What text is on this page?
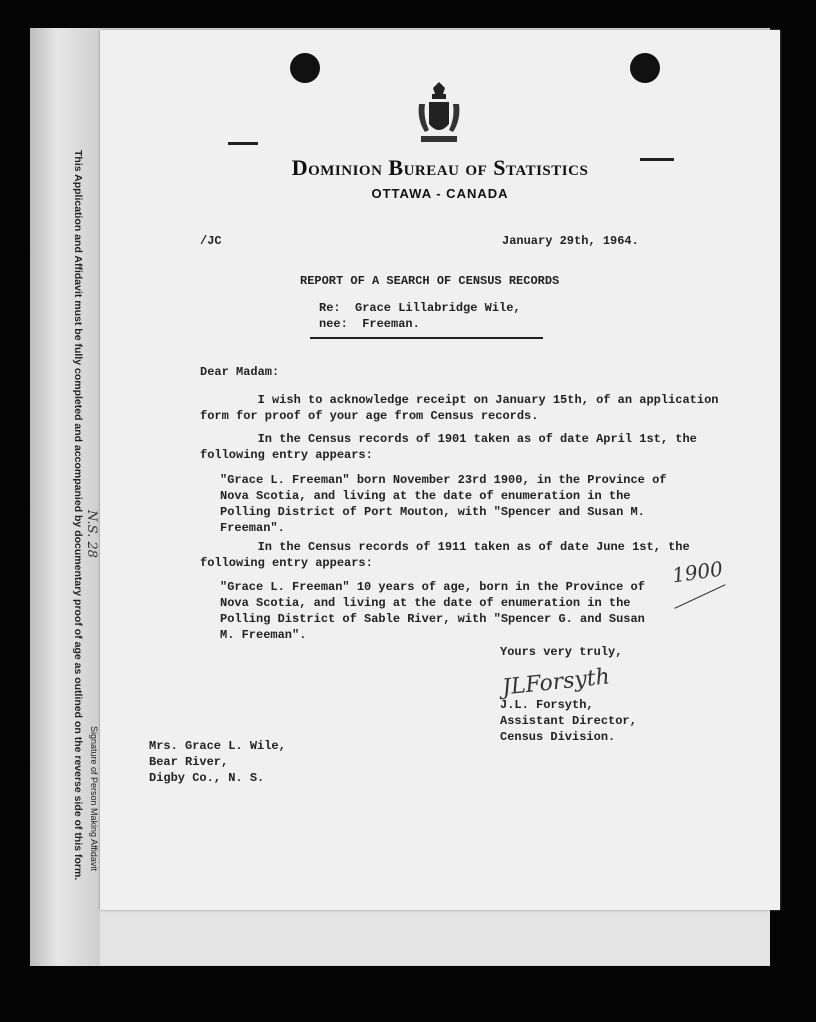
This Application and Affidavit must be fully completed and accompanied by documentary proof of age as outlined on the reverse side of this form. Signature of Person Making Affidavit
N.S. 28
Dominion Bureau of Statistics
OTTAWA - CANADA
/JC	January 29th, 1964.
REPORT OF A SEARCH OF CENSUS RECORDS
Re:  Grace Lillabridge Wile,
nee:  Freeman.
Dear Madam:
I wish to acknowledge receipt on January 15th, of an application
form for proof of your age from Census records.
In the Census records of 1901 taken as of date April 1st, the
following entry appears:
"Grace L. Freeman" born November 23rd 1900, in the Province of
Nova Scotia, and living at the date of enumeration in the
Polling District of Port Mouton, with "Spencer and Susan M.
Freeman".
In the Census records of 1911 taken as of date June 1st, the
following entry appears:
"Grace L. Freeman" 10 years of age, born in the Province of
Nova Scotia, and living at the date of enumeration in the
Polling District of Sable River, with "Spencer G. and Susan
M. Freeman".
1900
Yours very truly,
JLForsyth
J.L. Forsyth,
Assistant Director,
Census Division.
Mrs. Grace L. Wile,
Bear River,
Digby Co., N. S.
